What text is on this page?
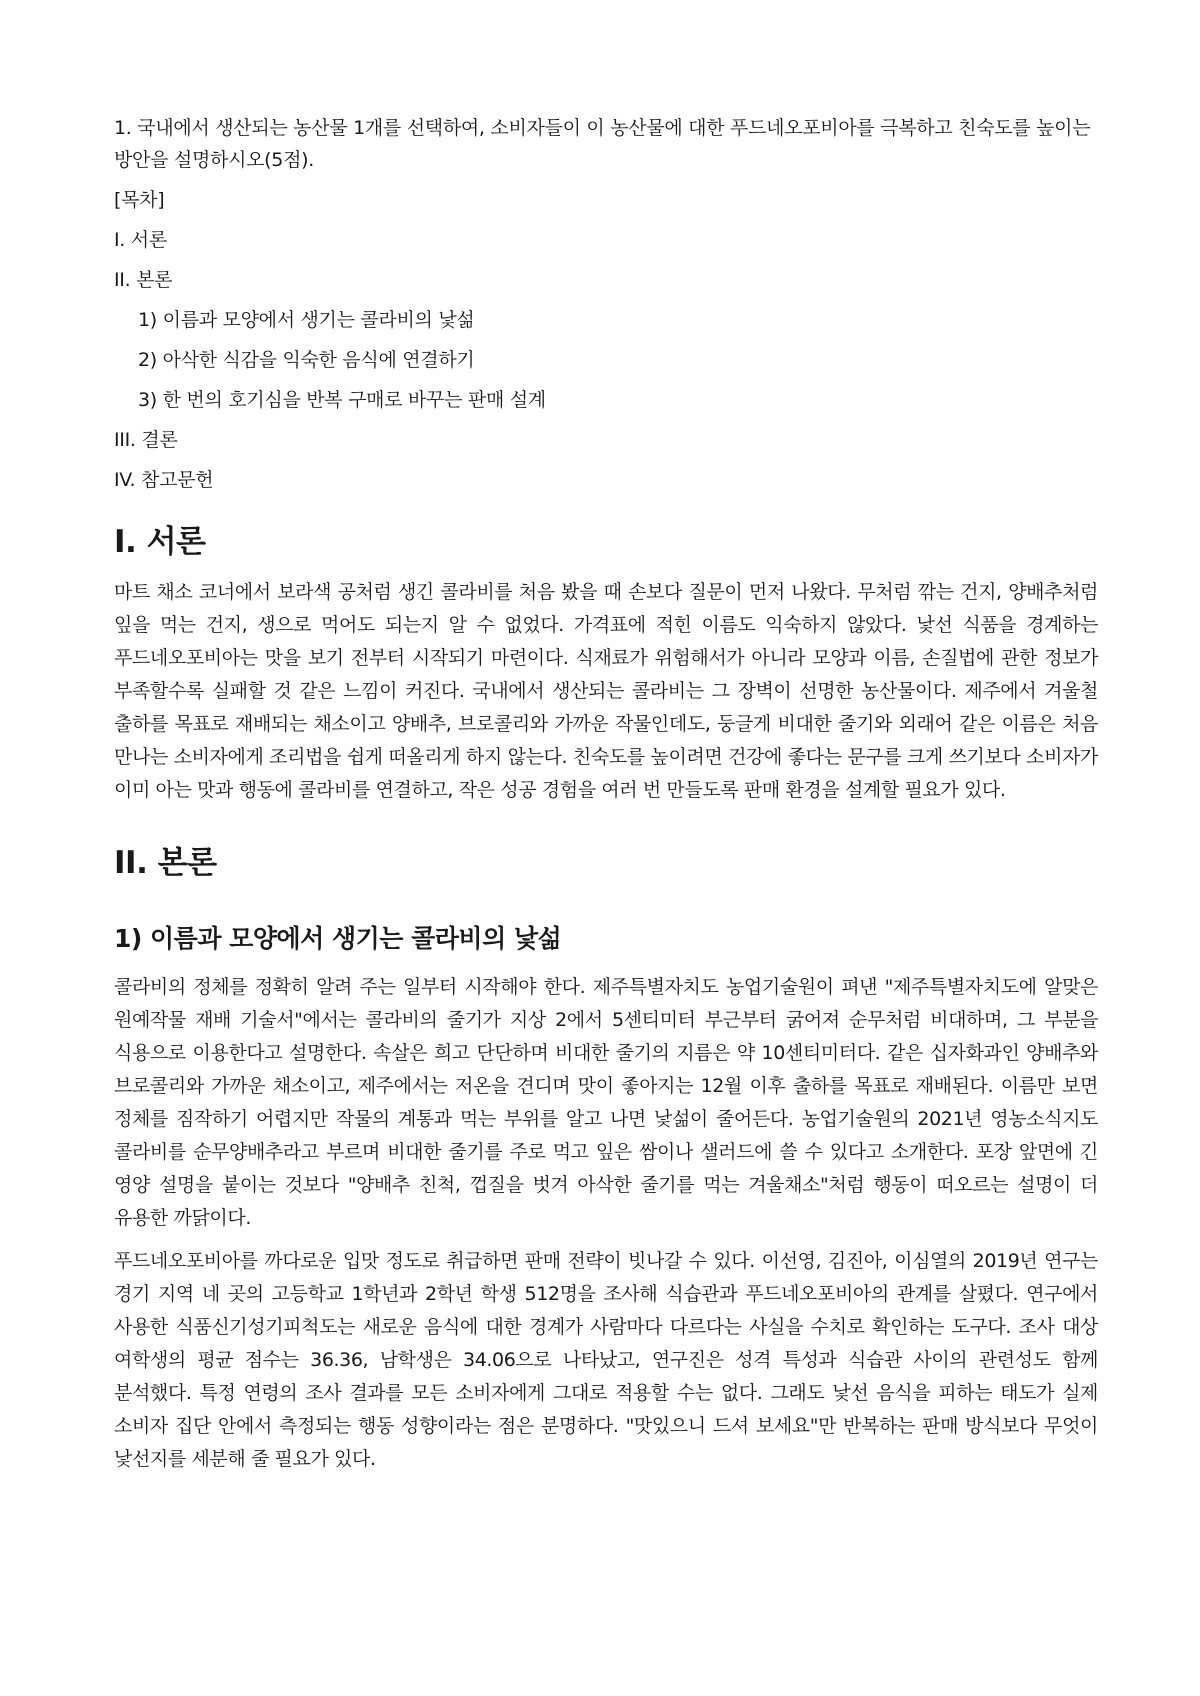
1. 국내에서 생산되는 농산물 1개를 선택하여, 소비자들이 이 농산물에 대한 푸드네오포비아를 극복하고 친숙도를 높이는 방안을 설명하시오(5점).

[목차]

I. 서론

II. 본론

1) 이름과 모양에서 생기는 콜라비의 낯섦

2) 아삭한 식감을 익숙한 음식에 연결하기

3) 한 번의 호기심을 반복 구매로 바꾸는 판매 설계

III. 결론

IV. 참고문헌

I. 서론

마트 채소 코너에서 보라색 공처럼 생긴 콜라비를 처음 봤을 때 손보다 질문이 먼저 나왔다. 무처럼 깎는 건지, 양배추처럼 잎을 먹는 건지, 생으로 먹어도 되는지 알 수 없었다. 가격표에 적힌 이름도 익숙하지 않았다. 낯선 식품을 경계하는 푸드네오포비아는 맛을 보기 전부터 시작되기 마련이다. 식재료가 위험해서가 아니라 모양과 이름, 손질법에 관한 정보가 부족할수록 실패할 것 같은 느낌이 커진다. 국내에서 생산되는 콜라비는 그 장벽이 선명한 농산물이다. 제주에서 겨울철 출하를 목표로 재배되는 채소이고 양배추, 브로콜리와 가까운 작물인데도, 둥글게 비대한 줄기와 외래어 같은 이름은 처음 만나는 소비자에게 조리법을 쉽게 떠올리게 하지 않는다. 친숙도를 높이려면 건강에 좋다는 문구를 크게 쓰기보다 소비자가 이미 아는 맛과 행동에 콜라비를 연결하고, 작은 성공 경험을 여러 번 만들도록 판매 환경을 설계할 필요가 있다.

II. 본론
1) 이름과 모양에서 생기는 콜라비의 낯섦

콜라비의 정체를 정확히 알려 주는 일부터 시작해야 한다. 제주특별자치도 농업기술원이 펴낸 "제주특별자치도에 알맞은 원예작물 재배 기술서"에서는 콜라비의 줄기가 지상 2에서 5센티미터 부근부터 굵어져 순무처럼 비대하며, 그 부분을 식용으로 이용한다고 설명한다. 속살은 희고 단단하며 비대한 줄기의 지름은 약 10센티미터다. 같은 십자화과인 양배추와 브로콜리와 가까운 채소이고, 제주에서는 저온을 견디며 맛이 좋아지는 12월 이후 출하를 목표로 재배된다. 이름만 보면 정체를 짐작하기 어렵지만 작물의 계통과 먹는 부위를 알고 나면 낯섦이 줄어든다. 농업기술원의 2021년 영농소식지도 콜라비를 순무양배추라고 부르며 비대한 줄기를 주로 먹고 잎은 쌈이나 샐러드에 쓸 수 있다고 소개한다. 포장 앞면에 긴 영양 설명을 붙이는 것보다 "양배추 친척, 껍질을 벗겨 아삭한 줄기를 먹는 겨울채소"처럼 행동이 떠오르는 설명이 더 유용한 까닭이다.

푸드네오포비아를 까다로운 입맛 정도로 취급하면 판매 전략이 빗나갈 수 있다. 이선영, 김진아, 이심열의 2019년 연구는 경기 지역 네 곳의 고등학교 1학년과 2학년 학생 512명을 조사해 식습관과 푸드네오포비아의 관계를 살폈다. 연구에서 사용한 식품신기성기피척도는 새로운 음식에 대한 경계가 사람마다 다르다는 사실을 수치로 확인하는 도구다. 조사 대상 여학생의 평균 점수는 36.36, 남학생은 34.06으로 나타났고, 연구진은 성격 특성과 식습관 사이의 관련성도 함께 분석했다. 특정 연령의 조사 결과를 모든 소비자에게 그대로 적용할 수는 없다. 그래도 낯선 음식을 피하는 태도가 실제 소비자 집단 안에서 측정되는 행동 성향이라는 점은 분명하다. "맛있으니 드셔 보세요"만 반복하는 판매 방식보다 무엇이 낯선지를 세분해 줄 필요가 있다.
